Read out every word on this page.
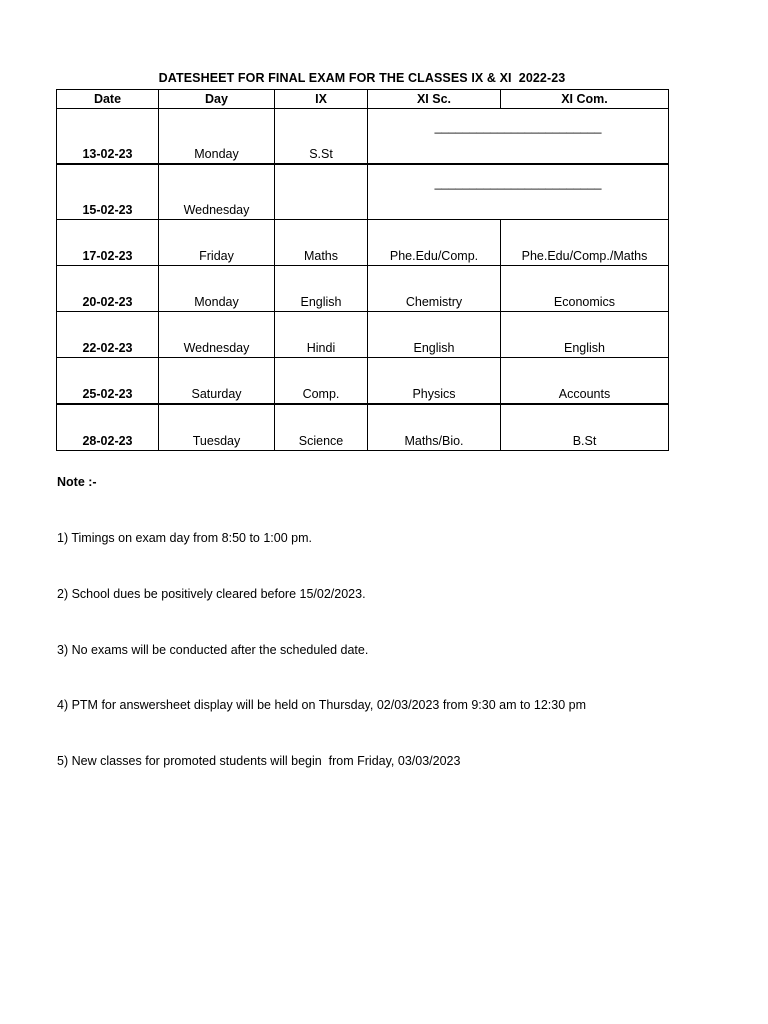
DATESHEET FOR FINAL EXAM FOR THE CLASSES IX & XI  2022-23
Date	Day	IX	XI Sc.	XI Com.
13-02-23	Monday	S.St	________________________	
15-02-23	Wednesday		________________________	
17-02-23	Friday	Maths	Phe.Edu/Comp.	Phe.Edu/Comp./Maths
20-02-23	Monday	English	Chemistry	Economics
22-02-23	Wednesday	Hindi	English	English
25-02-23	Saturday	Comp.	Physics	Accounts
28-02-23	Tuesday	Science	Maths/Bio.	B.St

Note :-

1) Timings on exam day from 8:50 to 1:00 pm.

2) School dues be positively cleared before 15/02/2023.

3) No exams will be conducted after the scheduled date.

4) PTM for answersheet display will be held on Thursday, 02/03/2023 from 9:30 am to 12:30 pm

5) New classes for promoted students will begin  from Friday, 03/03/2023
